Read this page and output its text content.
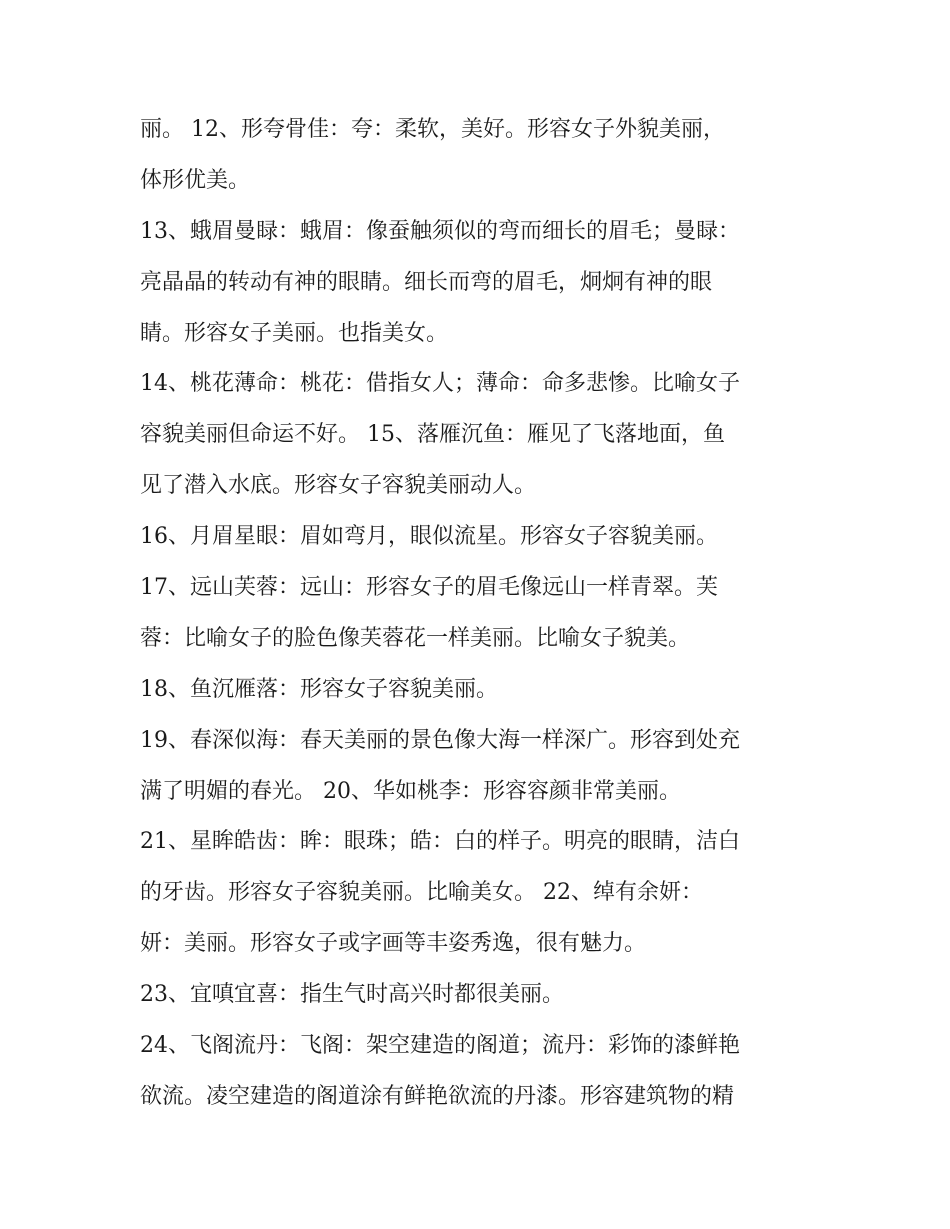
丽。 12、形夸骨佳：夸：柔软，美好。形容女子外貌美丽，
体形优美。
13、蛾眉曼睩：蛾眉：像蚕触须似的弯而细长的眉毛；曼睩：
亮晶晶的转动有神的眼睛。细长而弯的眉毛，炯炯有神的眼
睛。形容女子美丽。也指美女。
14、桃花薄命：桃花：借指女人；薄命：命多悲惨。比喻女子
容貌美丽但命运不好。 15、落雁沉鱼：雁见了飞落地面，鱼
见了潜入水底。形容女子容貌美丽动人。
16、月眉星眼：眉如弯月，眼似流星。形容女子容貌美丽。
17、远山芙蓉：远山：形容女子的眉毛像远山一样青翠。芙
蓉：比喻女子的脸色像芙蓉花一样美丽。比喻女子貌美。
18、鱼沉雁落：形容女子容貌美丽。
19、春深似海：春天美丽的景色像大海一样深广。形容到处充
满了明媚的春光。 20、华如桃李：形容容颜非常美丽。
21、星眸皓齿：眸：眼珠；皓：白的样子。明亮的眼睛，洁白
的牙齿。形容女子容貌美丽。比喻美女。 22、绰有余妍：
妍：美丽。形容女子或字画等丰姿秀逸，很有魅力。
23、宜嗔宜喜：指生气时高兴时都很美丽。
24、飞阁流丹：飞阁：架空建造的阁道；流丹：彩饰的漆鲜艳
欲流。凌空建造的阁道涂有鲜艳欲流的丹漆。形容建筑物的精
